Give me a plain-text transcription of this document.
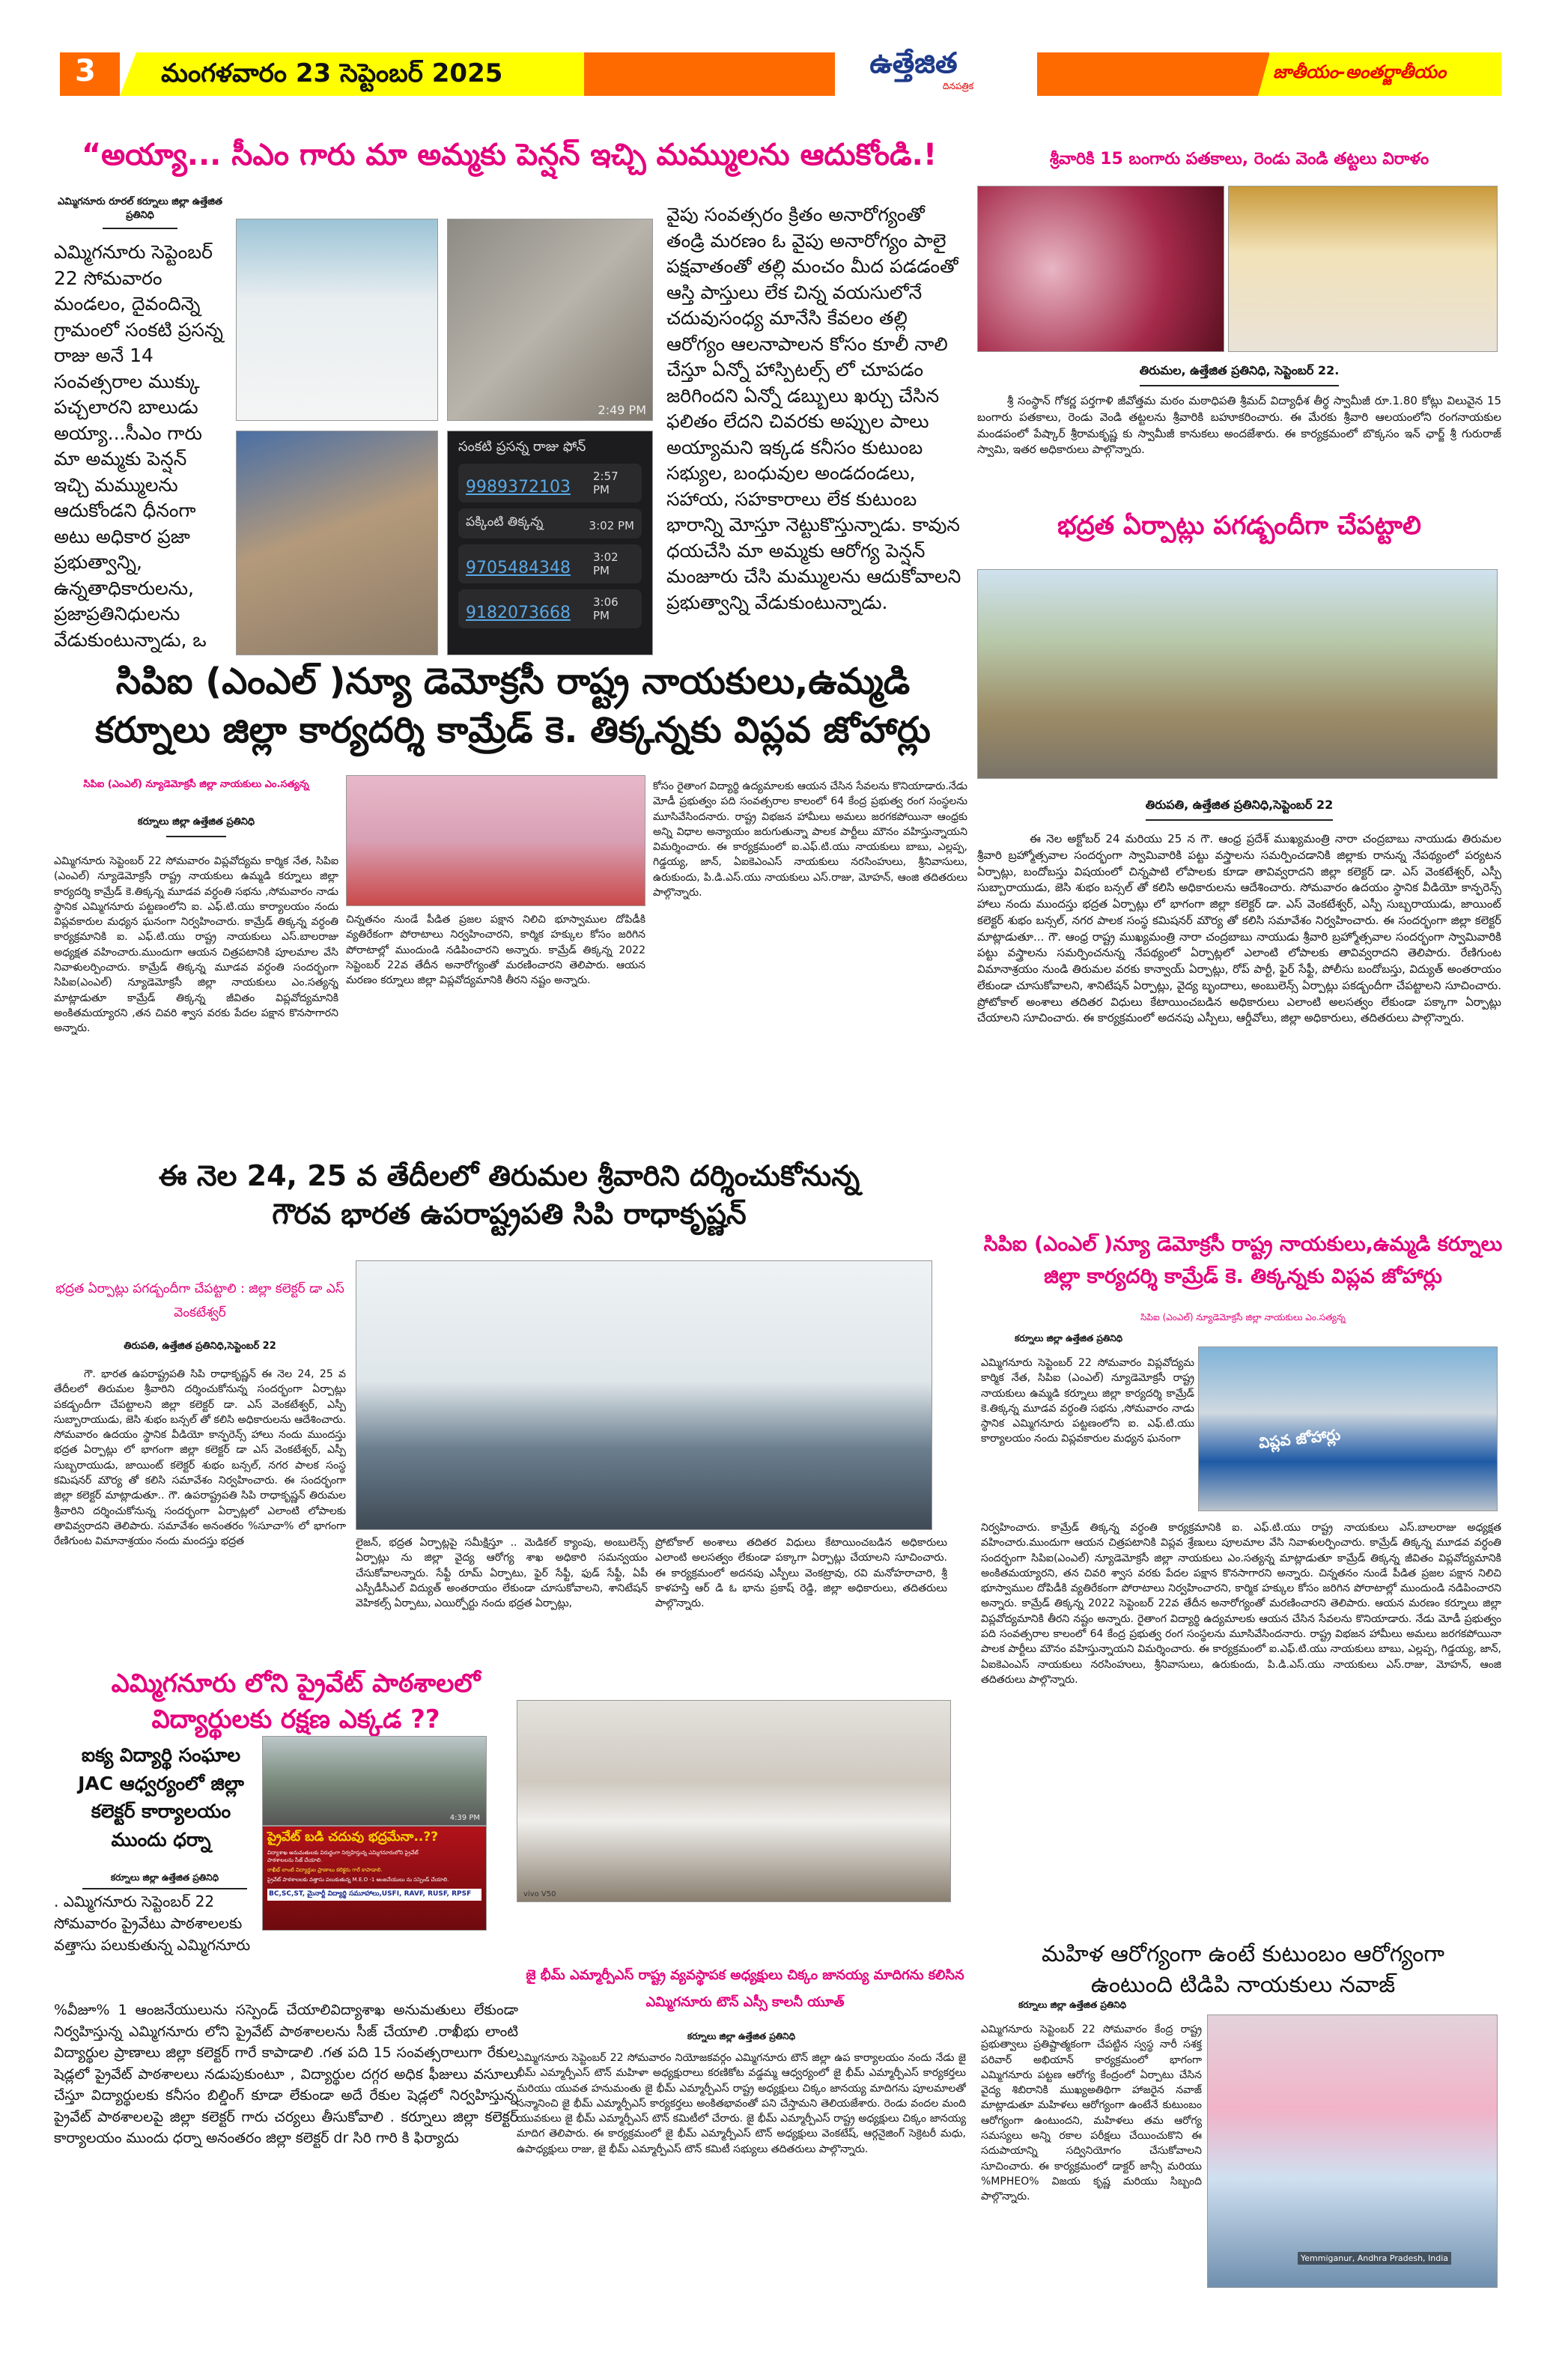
3	మంగళవారం 23 సెప్టెంబర్ 2025	ఉత్తేజిత
దినపత్రిక
జాతీయం-అంతర్జాతీయం
“అయ్యా... సీఎం గారు మా అమ్మకు పెన్షన్ ఇచ్చి మమ్ములను ఆదుకోండి.!
ఎమ్మిగనూరు రూరల్ కర్నూలు జిల్లా ఉత్తేజిత ప్రతినిధి
ఎమ్మిగనూరు సెప్టెంబర్ 22 సోమవారం మండలం, దైవందిన్నె గ్రామంలో సంకటి ప్రసన్న రాజు అనే 14 సంవత్సరాల ముక్కు పచ్చలారని బాలుడు అయ్యా...సీఎం గారు మా అమ్మకు పెన్షన్ ఇచ్చి మమ్ములను ఆదుకోండని ధీనంగా అటు అధికార ప్రజా ప్రభుత్వాన్ని, ఉన్నతాధికారులను, ప్రజాప్రతినిధులను వేడుకుంటున్నాడు, ఒ
2:49 PM
సంకటి ప్రసన్న రాజు ఫోన్
9989372103
2:57 PM
పక్కింటి తిక్కన్న	3:02 PM
9705484348
3:02 PM
9182073668
3:06 PM
వైపు సంవత్సరం క్రితం అనారోగ్యంతో తండ్రి మరణం ఓ వైపు అనారోగ్యం పాలై పక్షవాతంతో తల్లి మంచం మీద పడడంతో ఆస్తి పాస్తులు లేక చిన్న వయసులోనే చదువుసంధ్య మానేసి కేవలం తల్లి ఆరోగ్యం ఆలనాపాలన కోసం కూలీ నాలి చేస్తూ ఏన్నో హాస్పిటల్స్ లో చూపడం జరిగిందని ఏన్నో డబ్బులు ఖర్చు చేసిన ఫలితం లేదని చివరకు అప్పుల పాలు అయ్యామని ఇక్కడ కనీసం కుటుంబ సభ్యుల, బంధువుల అండదండలు, సహాయ, సహకారాలు లేక కుటుంబ భారాన్ని మోస్తూ నెట్టుకొస్తున్నాడు. కావున ధయచేసి మా అమ్మకు ఆరోగ్య పెన్షన్ మంజూరు చేసి మమ్ములను ఆదుకోవాలని ప్రభుత్వాన్ని వేడుకుంటున్నాడు.
శ్రీవారికి 15 బంగారు పతకాలు, రెండు వెండి తట్టలు విరాళం
తిరుమల, ఉత్తేజిత ప్రతినిధి, సెప్టెంబర్ 22.
శ్రీ సంస్థాన్ గోకర్ణ పర్తగాళి జీవోత్తమ మఠం మఠాధిపతి శ్రీమద్ విద్యాధీశ తీర్థ స్వామీజీ రూ.1.80 కోట్లు విలువైన 15 బంగారు పతకాలు, రెండు వెండి తట్టలను శ్రీవారికి బహూకరించారు. ఈ మేరకు శ్రీవారి ఆలయంలోని రంగనాయకుల మండపంలో పేష్కార్ శ్రీరామకృష్ణ కు స్వామీజీ కానుకలు అందజేశారు. ఈ కార్యక్రమంలో బొక్కసం ఇన్ ఛార్జ్ శ్రీ గురురాజ్ స్వామి, ఇతర అధికారులు పాల్గొన్నారు.
భద్రత ఏర్పాట్లు పగడ్బందీగా చేపట్టాలి
తిరుపతి, ఉత్తేజిత ప్రతినిధి,సెప్టెంబర్ 22
ఈ నెల అక్టోబర్ 24 మరియు 25 న గౌ. ఆంధ్ర ప్రదేశ్ ముఖ్యమంత్రి నారా చంద్రబాబు నాయుడు తిరుమల శ్రీవారి బ్రహ్మోత్సవాల సందర్భంగా స్వామివారికి పట్టు వస్త్రాలను సమర్పించడానికి జిల్లాకు రానున్న నేపథ్యంలో పర్యటన ఏర్పాట్లు, బందోబస్తు విషయంలో చిన్నపాటి లోపాలకు కూడా తావివ్వరాదని జిల్లా కలెక్టర్ డా. ఎస్ వెంకటేశ్వర్, ఎస్పీ సుబ్బారాయుడు, జెసి శుభం బన్సల్ తో కలిసి అధికారులను ఆదేశించారు. సోమవారం ఉదయం స్థానిక వీడియో కాన్ఫరెన్స్ హాలు నందు ముందస్తు భద్రత ఏర్పాట్లు లో భాగంగా జిల్లా కలెక్టర్ డా. ఎస్ వెంకటేశ్వర్, ఎస్పీ సుబ్బరాయుడు, జాయింట్ కలెక్టర్ శుభం బన్సల్, నగర పాలక సంస్థ కమిషనర్ మౌర్య తో కలిసి సమావేశం నిర్వహించారు. ఈ సందర్భంగా జిల్లా కలెక్టర్ మాట్లాడుతూ... గౌ. ఆంధ్ర రాష్ట్ర ముఖ్యమంత్రి నారా చంద్రబాబు నాయుడు శ్రీవారి బ్రహ్మోత్సవాల సందర్భంగా స్వామివారికి పట్టు వస్త్రాలను సమర్పించనున్న నేపథ్యంలో ఏర్పాట్లలో ఎలాంటి లోపాలకు తావివ్వరాదని తెలిపారు. రేణిగుంట విమానాశ్రయం నుండి తిరుమల వరకు కాన్వాయ్ ఏర్పాట్లు, రోప్ పార్టీ, ఫైర్ సేఫ్టీ, పోలీసు బందోబస్తు, విద్యుత్ అంతరాయం లేకుండా చూసుకోవాలని, శానిటేషన్ ఏర్పాట్లు, వైద్య బృందాలు, అంబులెన్స్ ఏర్పాట్లు పకడ్బందీగా చేపట్టాలని సూచించారు. ప్రోటోకాల్ అంశాలు తదితర విధులు కేటాయించబడిన అధికారులు ఎలాంటి అలసత్వం లేకుండా పక్కాగా ఏర్పాట్లు చేయాలని సూచించారు. ఈ కార్యక్రమంలో అదనపు ఎస్పీలు, ఆర్డీవోలు, జిల్లా అధికారులు, తదితరులు పాల్గొన్నారు.
సిపిఐ (ఎంఎల్ )న్యూ డెమోక్రసీ రాష్ట్ర నాయకులు,ఉమ్మడి కర్నూలు జిల్లా కార్యదర్శి కామ్రేడ్ కె. తిక్కన్నకు విప్లవ జోహార్లు
సిపిఐ (ఎంఎల్) న్యూడెమోక్రసీ జిల్లా నాయకులు ఎం.సత్యన్న
కర్నూలు జిల్లా ఉత్తేజిత ప్రతినిధి
ఎమ్మిగనూరు సెప్టెంబర్ 22 సోమవారం విప్లవోద్యమ కార్మిక నేత, సిపిఐ (ఎంఎల్) న్యూడెమోక్రసీ రాష్ట్ర నాయకులు ఉమ్మడి కర్నూలు జిల్లా కార్యదర్శి కామ్రేడ్ కె.తిక్కన్న మూడవ వర్ధంతి సభను ,సోమవారం నాడు స్థానిక ఎమ్మిగనూరు పట్టణంలోని ఐ. ఎఫ్.టి.యు కార్యాలయం నందు విప్లవకారుల మధ్యన ఘనంగా నిర్వహించారు. కామ్రేడ్ తిక్కన్న వర్ధంతి కార్యక్రమానికి ఐ. ఎఫ్.టి.యు రాష్ట్ర నాయకులు ఎస్.బాలరాజు అధ్యక్షత వహించారు.ముందుగా ఆయన చిత్రపటానికి పూలమాల వేసి నివాళులర్పించారు. కామ్రేడ్ తిక్కన్న మూడవ వర్ధంతి సందర్భంగా సిపిఐ(ఎంఎల్) న్యూడెమోక్రసీ జిల్లా నాయకులు ఎం.సత్యన్న మాట్లాడుతూ కామ్రేడ్ తిక్కన్న జీవితం విప్లవోద్యమానికి అంకితమయ్యారని ,తన చివరి శ్వాస వరకు పేదల పక్షాన కొనసాగారని అన్నారు.
చిన్నతనం నుండే పీడిత ప్రజల పక్షాన నిలిచి భూస్వాముల దోపిడీకి వ్యతిరేకంగా పోరాటాలు నిర్వహించారని, కార్మిక హక్కుల కోసం జరిగిన పోరాటాల్లో ముందుండి నడిపించారని అన్నారు. కామ్రేడ్ తిక్కన్న 2022 సెప్టెంబర్ 22వ తేదీన అనారోగ్యంతో మరణించారని తెలిపారు. ఆయన మరణం కర్నూలు జిల్లా విప్లవోద్యమానికి తీరని నష్టం అన్నారు.
కోసం రైతాంగ విద్యార్థి ఉద్యమాలకు ఆయన చేసిన సేవలను కొనియాడారు.నేడు మోడీ ప్రభుత్వం పది సంవత్సరాల కాలంలో 64 కేంద్ర ప్రభుత్వ రంగ సంస్థలను మూసివేసిందనారు. రాష్ట్ర విభజన హామీలు అమలు జరగకపోయినా ఆంధ్రకు అన్ని విధాల అన్యాయం జరుగుతున్నా పాలక పార్టీలు మౌనం వహిస్తున్నాయని విమర్శించారు. ఈ కార్యక్రమంలో ఐ.ఎఫ్.టి.యు నాయకులు బాబు, ఎల్లప్ప, గిడ్డయ్య, జాన్, ఏఐకెఎంఎస్ నాయకులు నరసింహులు, శ్రీనివాసులు, ఉరుకుందు, పి.డి.ఎస్.యు నాయకులు ఎస్.రాజు, మోహన్, ఆంజి తదితరులు పాల్గొన్నారు.
ఈ నెల 24, 25 వ తేదీలలో తిరుమల శ్రీవారిని దర్శించుకోనున్న గౌరవ భారత ఉపరాష్ట్రపతి సిపి రాధాకృష్ణన్
భద్రత ఏర్పాట్లు పగడ్బందీగా చేపట్టాలి : జిల్లా కలెక్టర్ డా ఎస్ వెంకటేశ్వర్
తిరుపతి, ఉత్తేజిత ప్రతినిధి,సెప్టెంబర్ 22
గౌ. భారత ఉపరాష్ట్రపతి సిపి రాధాకృష్ణన్ ఈ నెల 24, 25 వ తేదీలలో తిరుమల శ్రీవారిని దర్శించుకోనున్న సందర్భంగా ఏర్పాట్లు పకడ్బందీగా చేపట్టాలని జిల్లా కలెక్టర్ డా. ఎస్ వెంకటేశ్వర్, ఎస్పీ సుబ్బారాయుడు, జెసి శుభం బన్సల్ తో కలిసి అధికారులను ఆదేశించారు. సోమవారం ఉదయం స్థానిక వీడియో కాన్ఫరెన్స్ హాలు నందు ముందస్తు భద్రత ఏర్పాట్లు లో భాగంగా జిల్లా కలెక్టర్ డా ఎస్ వెంకటేశ్వర్, ఎస్పీ సుబ్బరాయుడు, జాయింట్ కలెక్టర్ శుభం బన్సల్, నగర పాలక సంస్థ కమిషనర్ మౌర్య తో కలిసి సమావేశం నిర్వహించారు. ఈ సందర్భంగా జిల్లా కలెక్టర్ మాట్లాడుతూ.. గౌ. ఉపరాష్ట్రపతి సిపి రాధాకృష్ణన్ తిరుమల శ్రీవారిని దర్శించుకోనున్న సందర్భంగా ఏర్పాట్లలో ఎలాంటి లోపాలకు తావివ్వరాదని తెలిపారు. సమావేశం అనంతరం %సూచా% లో భాగంగా రేణిగుంట విమానాశ్రయం నందు మందస్తు భద్రత	లైజన్, భద్రత ఏర్పాట్లపై సమీక్షిస్తూ .. మెడికల్ క్యాంపు, అంబులెన్స్ ఏర్పాట్లు ను జిల్లా వైద్య ఆరోగ్య శాఖ అధికారి సమన్వయం చేసుకోవాలన్నారు. సేఫ్టీ రూమ్ ఏర్పాటు, ఫైర్ సేఫ్టీ, ఫుడ్ సేఫ్టీ, ఏపీ ఎస్పీడీసీఎల్ విద్యుత్ అంతరాయం లేకుండా చూసుకోవాలని, శానిటేషన్ వెహికల్స్ ఏర్పాటు, ఎయిర్పోర్టు నందు భద్రత ఏర్పాట్లు,
ప్రోటోకాల్ అంశాలు తదితర విధులు కేటాయించబడిన అధికారులు ఎలాంటి అలసత్వం లేకుండా పక్కాగా ఏర్పాట్లు చేయాలని సూచించారు. ఈ కార్యక్రమంలో అదనపు ఎస్పీలు వెంకట్రావు, రవి మనోహరాచారి, శ్రీ కాళహస్తి ఆర్ డి ఓ భాను ప్రకాష్ రెడ్డి, జిల్లా అధికారులు, తదితరులు పాల్గొన్నారు.
సిపిఐ (ఎంఎల్ )న్యూ డెమోక్రసీ రాష్ట్ర నాయకులు,ఉమ్మడి కర్నూలు జిల్లా కార్యదర్శి కామ్రేడ్ కె. తిక్కన్నకు విప్లవ జోహార్లు
సిపిఐ (ఎంఎల్) న్యూడెమోక్రసీ జిల్లా నాయకులు ఎం.సత్యన్న
కర్నూలు జిల్లా ఉత్తేజిత ప్రతినిధి
ఎమ్మిగనూరు సెప్టెంబర్ 22 సోమవారం విప్లవోద్యమ కార్మిక నేత, సిపిఐ (ఎంఎల్) న్యూడెమోక్రసీ రాష్ట్ర నాయకులు ఉమ్మడి కర్నూలు జిల్లా కార్యదర్శి కామ్రేడ్ కె.తిక్కన్న మూడవ వర్ధంతి సభను ,సోమవారం నాడు స్థానిక ఎమ్మిగనూరు పట్టణంలోని ఐ. ఎఫ్.టి.యు కార్యాలయం నందు విప్లవకారుల మధ్యన ఘనంగా	విప్లవ జోహార్లు
నిర్వహించారు. కామ్రేడ్ తిక్కన్న వర్ధంతి కార్యక్రమానికి ఐ. ఎఫ్.టి.యు రాష్ట్ర నాయకులు ఎస్.బాలరాజు అధ్యక్షత వహించారు.ముందుగా ఆయన చిత్రపటానికి విప్లవ శ్రేణులు పూలమాల వేసి నివాళులర్పించారు. కామ్రేడ్ తిక్కన్న మూడవ వర్ధంతి సందర్భంగా సిపిఐ(ఎంఎల్) న్యూడెమోక్రసీ జిల్లా నాయకులు ఎం.సత్యన్న మాట్లాడుతూ కామ్రేడ్ తిక్కన్న జీవితం విప్లవోద్యమానికి అంకితమయ్యారని, తన చివరి శ్వాస వరకు పేదల పక్షాన కొనసాగారని అన్నారు. చిన్నతనం నుండే పీడిత ప్రజల పక్షాన నిలిచి భూస్వాముల దోపిడీకి వ్యతిరేకంగా పోరాటాలు నిర్వహించారని, కార్మిక హక్కుల కోసం జరిగిన పోరాటాల్లో ముందుండి నడిపించారని అన్నారు. కామ్రేడ్ తిక్కన్న 2022 సెప్టెంబర్ 22వ తేదీన అనారోగ్యంతో మరణించారని తెలిపారు. ఆయన మరణం కర్నూలు జిల్లా విప్లవోద్యమానికి తీరని నష్టం అన్నారు. రైతాంగ విద్యార్థి ఉద్యమాలకు ఆయన చేసిన సేవలను కొనియాడారు. నేడు మోడీ ప్రభుత్వం పది సంవత్సరాల కాలంలో 64 కేంద్ర ప్రభుత్వ రంగ సంస్థలను మూసివేసిందనారు. రాష్ట్ర విభజన హామీలు అమలు జరగకపోయినా పాలక పార్టీలు మౌనం వహిస్తున్నాయని విమర్శించారు. ఈ కార్యక్రమంలో ఐ.ఎఫ్.టి.యు నాయకులు బాబు, ఎల్లప్ప, గిడ్డయ్య, జాన్, ఏఐకెఎంఎస్ నాయకులు నరసింహులు, శ్రీనివాసులు, ఉరుకుందు, పి.డి.ఎస్.యు నాయకులు ఎస్.రాజు, మోహన్, ఆంజి తదితరులు పాల్గొన్నారు.
ఎమ్మిగనూరు లోని ప్రైవేట్ పాఠశాలలో విద్యార్థులకు రక్షణ ఎక్కడ ??
ఐక్య విద్యార్థి సంఘాల JAC ఆధ్వర్యంలో జిల్లా కలెక్టర్ కార్యాలయం ముందు ధర్నా
కర్నూలు జిల్లా ఉత్తేజిత ప్రతినిధి
. ఎమ్మిగనూరు సెప్టెంబర్ 22 సోమవారం ప్రైవేటు పాఠశాలలకు వత్తాసు పలుకుతున్న ఎమ్మిగనూరు
4:39 PM
ప్రైవేట్ బడి చదువు భద్రమేనా..??
విద్యాశాఖ అనుమతులకు విరుద్ధంగా నిర్వహిస్తున్న ఎమ్మిగనూరులోని ప్రైవేట్ పాఠశాలలను సీజ్ చేయాలి.
రాఖీభ్ లాంటి విద్యార్థుల ప్రాణాలు కలెక్టరు గారే కాపాడాలి.
ప్రైవేట్ పాఠశాలలకు వత్తాసు పలుకుతున్న M.E.O -1 ఆంజనేయులు ను సస్పెండ్ చేయాలి.
BC,SC,ST, మైనార్టీ విద్యార్థి సమూహాలు,USFI, RAVF, RUSF, RPSF
%వీజూ% 1 ఆంజనేయులును సస్పెండ్ చేయాలివిద్యాశాఖ అనుమతులు లేకుండా నిర్వహిస్తున్న ఎమ్మిగనూరు లోని ప్రైవేట్ పాఠశాలలను సీజ్ చేయాలి .రాఖీభు లాంటి విద్యార్థుల ప్రాణాలు జిల్లా కలెక్టర్ గారే కాపాడాలి .గత పది 15 సంవత్సరాలుగా రేకుల షెడ్లలో ప్రైవేట్ పాఠశాలలు నడుపుకుంటూ , విద్యార్థుల దగ్గర అధిక ఫీజులు వసూలు చేస్తూ విద్యార్థులకు కనీసం బిల్డింగ్ కూడా లేకుండా అదే రేకుల షెడ్లలో నిర్వహిస్తున్న ప్రైవేట్ పాఠశాలలపై జిల్లా కలెక్టర్ గారు చర్యలు తీసుకోవాలి . కర్నూలు జిల్లా కలెక్టర్ కార్యాలయం ముందు ధర్నా అనంతరం జిల్లా కలెక్టర్ dr సిరి గారి కి ఫిర్యాదు
vivo V50
జై భీమ్ ఎమ్మార్పీఎస్ రాష్ట్ర వ్యవస్థాపక అధ్యక్షులు చిక్కం జానయ్య మాదిగను కలిసిన ఎమ్మిగనూరు టౌన్ ఎస్సీ కాలనీ యూత్
కర్నూలు జిల్లా ఉత్తేజిత ప్రతినిధి
ఎమ్మిగనూరు సెప్టెంబర్ 22 సోమవారం నియోజకవర్గం ఎమ్మిగనూరు టౌన్ జిల్లా ఉప కార్యాలయం నందు నేడు జై భీమ్ ఎమ్మార్పీఎస్ టౌన్ మహిళా అధ్యక్షురాలు కరణికోట వడ్డమ్మ ఆధ్వర్యంలో జై భీమ్ ఎమ్మార్పీఎస్ కార్యకర్తలు మరియు యువత హనుమంతు జై భీమ్ ఎమ్మార్పీఎస్ రాష్ట్ర అధ్యక్షులు చిక్కం జానయ్య మాదిగను పూలమాలతో సన్మానించి జై భీమ్ ఎమ్మార్పీఎస్ కార్యకర్తలు అంకితభావంతో పని చేస్తామని తెలియజేశారు. రెండు వందల మంది యువకులు జై భీమ్ ఎమ్మార్పీఎస్ టౌన్ కమిటీలో చేరారు. జై భీమ్ ఎమ్మార్పీఎస్ రాష్ట్ర అధ్యక్షులు చిక్కం జానయ్య మాదిగ తెలిపారు. ఈ కార్యక్రమంలో జై భీమ్ ఎమ్మార్పీఎస్ టౌన్ అధ్యక్షులు వెంకటేష్, ఆర్గనైజింగ్ సెక్రెటరీ మధు, ఉపాధ్యక్షులు రాజు, జై భీమ్ ఎమ్మార్పీఎస్ టౌన్ కమిటీ సభ్యులు తదితరులు పాల్గొన్నారు.
మహిళ ఆరోగ్యంగా ఉంటే కుటుంబం ఆరోగ్యంగా ఉంటుంది టిడిపి నాయకులు నవాజ్
కర్నూలు జిల్లా ఉత్తేజిత ప్రతినిధి
ఎమ్మిగనూరు సెప్టెంబర్ 22 సోమవారం కేంద్ర రాష్ట్ర ప్రభుత్వాలు ప్రతిష్టాత్మకంగా చేపట్టిన స్వస్థ నారీ సశక్త పరివార్ అభియాన్ కార్యక్రమంలో భాగంగా ఎమ్మిగనూరు పట్టణ ఆరోగ్య కేంద్రంలో ఏర్పాటు చేసిన వైద్య శిబిరానికి ముఖ్యఅతిథిగా హాజరైన నవాజ్ మాట్లాడుతూ మహిళలు ఆరోగ్యంగా ఉంటేనే కుటుంబం ఆరోగ్యంగా ఉంటుందని, మహిళలు తమ ఆరోగ్య సమస్యలు అన్ని రకాల పరీక్షలు చేయించుకొని ఈ సదుపాయాన్ని సద్వినియోగం చేసుకోవాలని సూచించారు. ఈ కార్యక్రమంలో డాక్టర్ జాన్సీ మరియు %MPHEO% విజయ కృష్ణ మరియు సిబ్బంది పాల్గొన్నారు.
Yemmiganur, Andhra Pradesh, India
